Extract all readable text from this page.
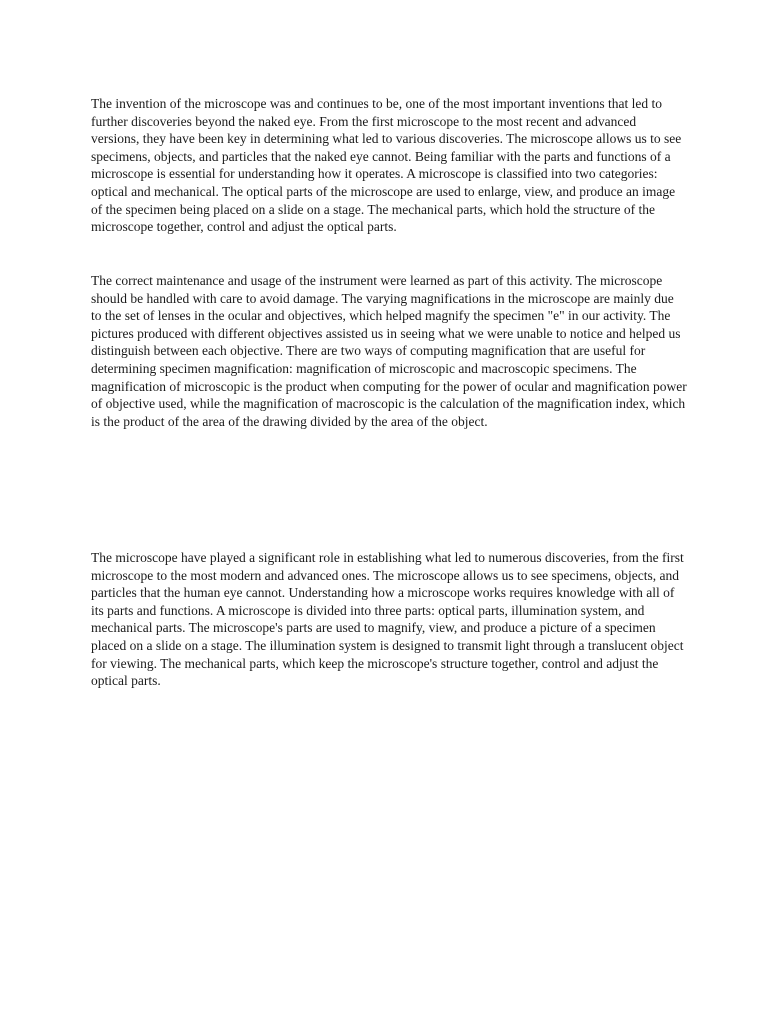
The invention of the microscope was and continues to be, one of the most important inventions that led to further discoveries beyond the naked eye. From the first microscope to the most recent and advanced versions, they have been key in determining what led to various discoveries. The microscope allows us to see specimens, objects, and particles that the naked eye cannot. Being familiar with the parts and functions of a microscope is essential for understanding how it operates. A microscope is classified into two categories: optical and mechanical. The optical parts of the microscope are used to enlarge, view, and produce an image of the specimen being placed on a slide on a stage. The mechanical parts, which hold the structure of the microscope together, control and adjust the optical parts.

The correct maintenance and usage of the instrument were learned as part of this activity. The microscope should be handled with care to avoid damage. The varying magnifications in the microscope are mainly due to the set of lenses in the ocular and objectives, which helped magnify the specimen "e" in our activity. The pictures produced with different objectives assisted us in seeing what we were unable to notice and helped us distinguish between each objective. There are two ways of computing magnification that are useful for determining specimen magnification: magnification of microscopic and macroscopic specimens. The magnification of microscopic is the product when computing for the power of ocular and magnification power of objective used, while the magnification of macroscopic is the calculation of the magnification index, which is the product of the area of the drawing divided by the area of the object.

The microscope have played a significant role in establishing what led to numerous discoveries, from the first microscope to the most modern and advanced ones. The microscope allows us to see specimens, objects, and particles that the human eye cannot. Understanding how a microscope works requires knowledge with all of its parts and functions. A microscope is divided into three parts: optical parts, illumination system, and mechanical parts. The microscope's parts are used to magnify, view, and produce a picture of a specimen placed on a slide on a stage. The illumination system is designed to transmit light through a translucent object for viewing. The mechanical parts, which keep the microscope's structure together, control and adjust the optical parts.
